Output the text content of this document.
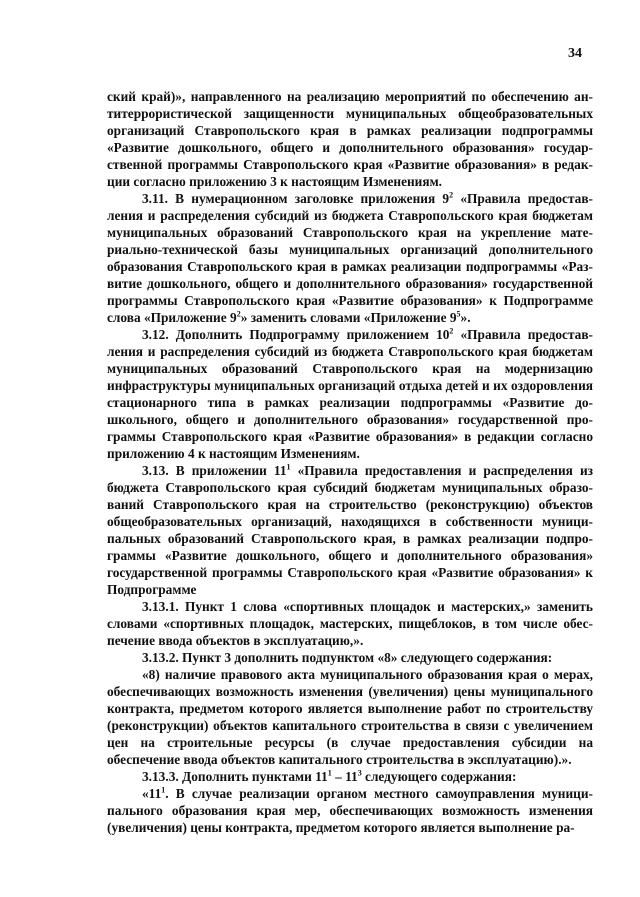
34

ский край)», направленного на реализацию мероприятий по обеспечению антитеррористической защищенности муниципальных общеобразовательных организаций Ставропольского края в рамках реализации подпрограммы «Развитие дошкольного, общего и дополнительного образования» государственной программы Ставропольского края «Развитие образования» в редакции согласно приложению 3 к настоящим Изменениям.

3.11. В нумерационном заголовке приложения $9^2$ «Правила предоставления и распределения субсидий из бюджета Ставропольского края бюджетам муниципальных образований Ставропольского края на укрепление материально-технической базы муниципальных организаций дополнительного образования Ставропольского края в рамках реализации подпрограммы «Развитие дошкольного, общего и дополнительного образования» государственной программы Ставропольского края «Развитие образования» к Подпрограмме слова «Приложение $9^2$» заменить словами «Приложение $9^5$».

3.12. Дополнить Подпрограмму приложением $10^2$ «Правила предоставления и распределения субсидий из бюджета Ставропольского края бюджетам муниципальных образований Ставропольского края на модернизацию инфраструктуры муниципальных организаций отдыха детей и их оздоровления стационарного типа в рамках реализации подпрограммы «Развитие дошкольного, общего и дополнительного образования» государственной программы Ставропольского края «Развитие образования» в редакции согласно приложению 4 к настоящим Изменениям.

3.13. В приложении $11^1$ «Правила предоставления и распределения из бюджета Ставропольского края субсидий бюджетам муниципальных образований Ставропольского края на строительство (реконструкцию) объектов общеобразовательных организаций, находящихся в собственности муниципальных образований Ставропольского края, в рамках реализации подпрограммы «Развитие дошкольного, общего и дополнительного образования» государственной программы Ставропольского края «Развитие образования» к Подпрограмме

3.13.1. Пункт 1 слова «спортивных площадок и мастерских,» заменить словами «спортивных площадок, мастерских, пищеблоков, в том числе обеспечение ввода объектов в эксплуатацию,».

3.13.2. Пункт 3 дополнить подпунктом «8» следующего содержания:

«8) наличие правового акта муниципального образования края о мерах, обеспечивающих возможность изменения (увеличения) цены муниципального контракта, предметом которого является выполнение работ по строительству (реконструкции) объектов капитального строительства в связи с увеличением цен на строительные ресурсы (в случае предоставления субсидии на обеспечение ввода объектов капитального строительства в эксплуатацию).».

3.13.3. Дополнить пунктами $11^1 - 11^3$ следующего содержания:

«$11^1$. В случае реализации органом местного самоуправления муниципального образования края мер, обеспечивающих возможность изменения (увеличения) цены контракта, предметом которого является выполнение ра-
